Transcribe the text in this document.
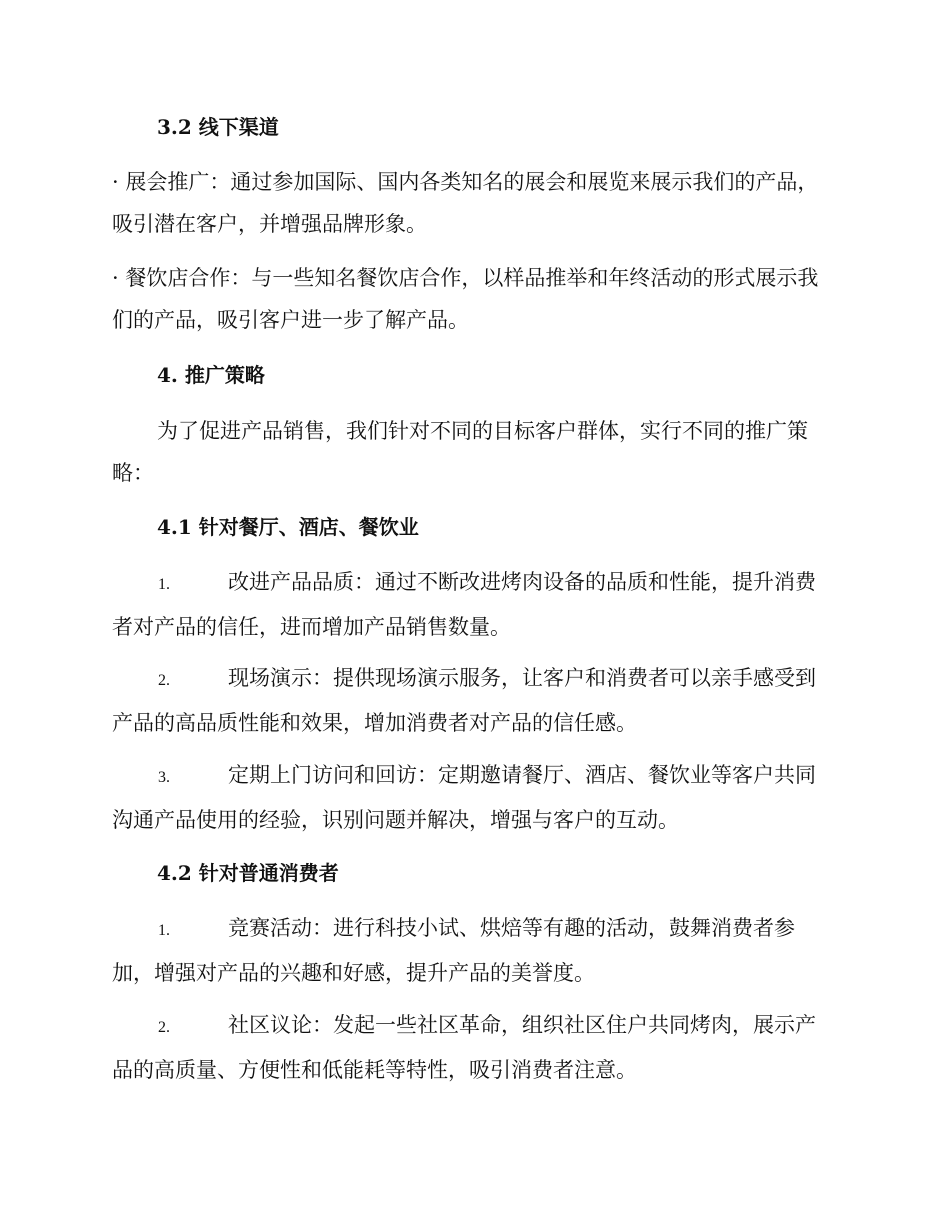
3.2 线下渠道

· 展会推广：通过参加国际、国内各类知名的展会和展览来展示我们的产品，吸引潜在客户，并增强品牌形象。

· 餐饮店合作：与一些知名餐饮店合作，以样品推举和年终活动的形式展示我们的产品，吸引客户进一步了解产品。

4. 推广策略

为了促进产品销售，我们针对不同的目标客户群体，实行不同的推广策略：

4.1 针对餐厅、酒店、餐饮业

1.	改进产品品质：通过不断改进烤肉设备的品质和性能，提升消费者对产品的信任，进而增加产品销售数量。
2.	现场演示：提供现场演示服务，让客户和消费者可以亲手感受到产品的高品质性能和效果，增加消费者对产品的信任感。
3.	定期上门访问和回访：定期邀请餐厅、酒店、餐饮业等客户共同沟通产品使用的经验，识别问题并解决，增强与客户的互动。

4.2 针对普通消费者

1.	竞赛活动：进行科技小试、烘焙等有趣的活动，鼓舞消费者参加，增强对产品的兴趣和好感，提升产品的美誉度。
2.	社区议论：发起一些社区革命，组织社区住户共同烤肉，展示产品的高质量、方便性和低能耗等特性，吸引消费者注意。
